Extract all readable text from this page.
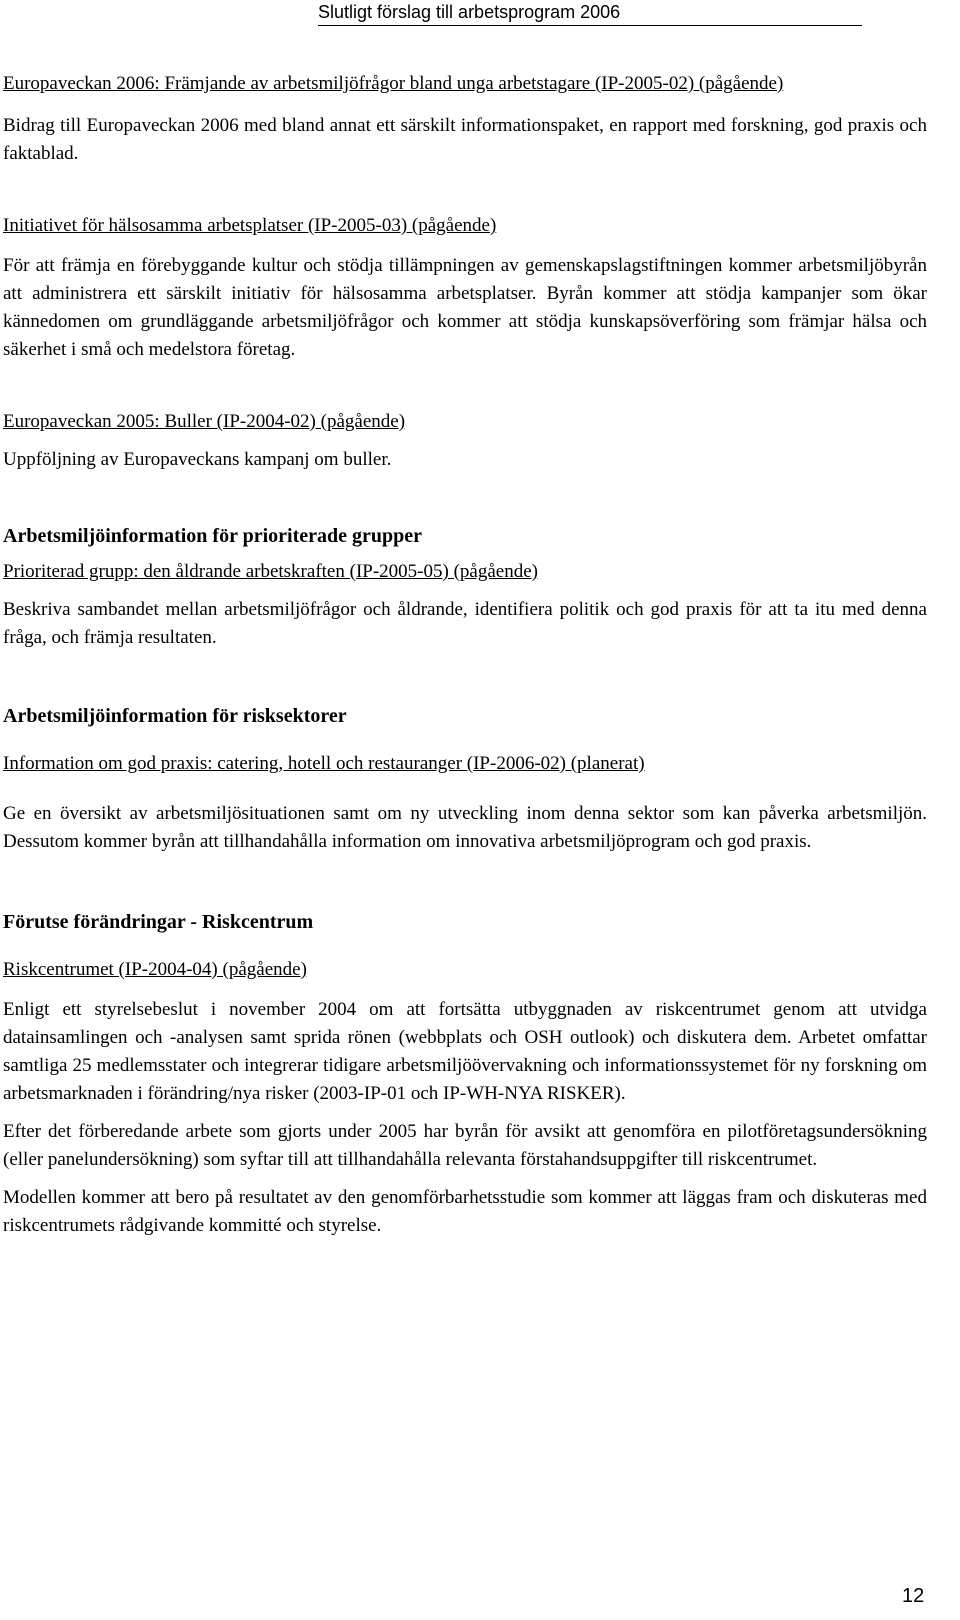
Slutligt förslag till arbetsprogram 2006
Europaveckan 2006: Främjande av arbetsmiljöfrågor bland unga arbetstagare (IP-2005-02) (pågående)
Bidrag till Europaveckan 2006 med bland annat ett särskilt informationspaket, en rapport med forskning, god praxis och faktablad.
Initiativet för hälsosamma arbetsplatser (IP-2005-03) (pågående)
För att främja en förebyggande kultur och stödja tillämpningen av gemenskapslagstiftningen kommer arbetsmiljöbyrån att administrera ett särskilt initiativ för hälsosamma arbetsplatser. Byrån kommer att stödja kampanjer som ökar kännedomen om grundläggande arbetsmiljöfrågor och kommer att stödja kunskapsöverföring som främjar hälsa och säkerhet i små och medelstora företag.
Europaveckan 2005: Buller (IP-2004-02) (pågående)
Uppföljning av Europaveckans kampanj om buller.
Arbetsmiljöinformation för prioriterade grupper
Prioriterad grupp: den åldrande arbetskraften (IP-2005-05) (pågående)
Beskriva sambandet mellan arbetsmiljöfrågor och åldrande, identifiera politik och god praxis för att ta itu med denna fråga, och främja resultaten.
Arbetsmiljöinformation för risksektorer
Information om god praxis: catering, hotell och restauranger (IP-2006-02) (planerat)
Ge en översikt av arbetsmiljösituationen samt om ny utveckling inom denna sektor som kan påverka arbetsmiljön. Dessutom kommer byrån att tillhandahålla information om innovativa arbetsmiljöprogram och god praxis.
Förutse förändringar - Riskcentrum
Riskcentrumet (IP-2004-04) (pågående)
Enligt ett styrelsebeslut i november 2004 om att fortsätta utbyggnaden av riskcentrumet genom att utvidga datainsamlingen och -analysen samt sprida rönen (webbplats och OSH outlook) och diskutera dem. Arbetet omfattar samtliga 25 medlemsstater och integrerar tidigare arbetsmiljöövervakning och informationssystemet för ny forskning om arbetsmarknaden i förändring/nya risker (2003-IP-01 och IP-WH-NYA RISKER).
Efter det förberedande arbete som gjorts under 2005 har byrån för avsikt att genomföra en pilotföretagsundersökning (eller panelundersökning) som syftar till att tillhandahålla relevanta förstahandsuppgifter till riskcentrumet.
Modellen kommer att bero på resultatet av den genomförbarhetsstudie som kommer att läggas fram och diskuteras med riskcentrumets rådgivande kommitté och styrelse.
12
